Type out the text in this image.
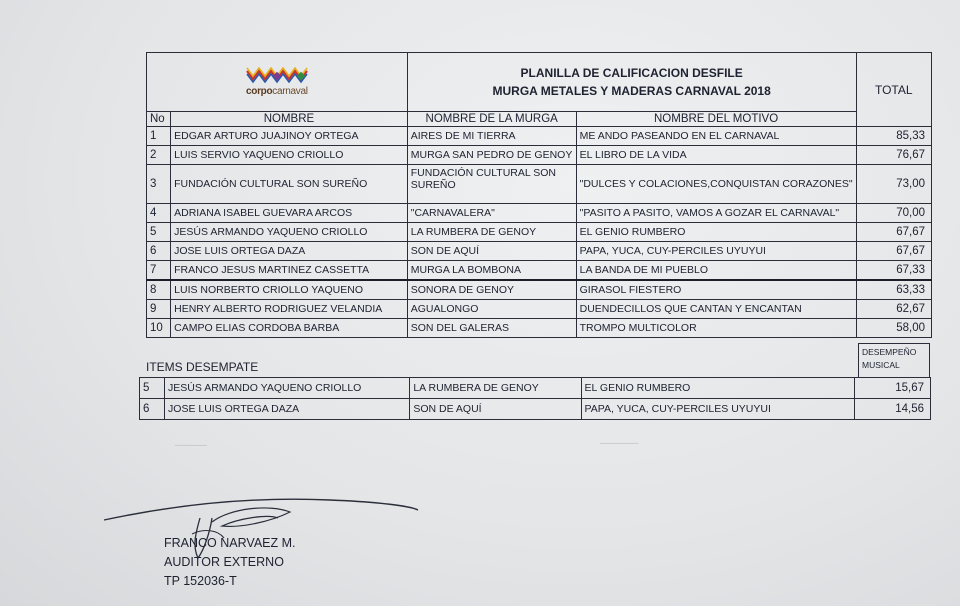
──────
─────
corpocarnaval		PLANILLA DE CALIFICACION DESFILE
MURGA METALES Y MADERAS CARNAVAL 2018		TOTAL
No	NOMBRE	NOMBRE DE LA MURGA	NOMBRE DEL MOTIVO	
1	EDGAR ARTURO JUAJINOY ORTEGA	AIRES DE MI TIERRA	ME ANDO PASEANDO EN EL CARNAVAL	85,33
2	LUIS SERVIO YAQUENO CRIOLLO	MURGA SAN PEDRO DE GENOY	EL LIBRO DE LA VIDA	76,67
3	FUNDACIÓN CULTURAL SON SUREÑO	FUNDACIÓN CULTURAL SON
SUREÑO	"DULCES Y COLACIONES,CONQUISTAN CORAZONES"	73,00
4	ADRIANA ISABEL GUEVARA ARCOS	"CARNAVALERA"	"PASITO A PASITO, VAMOS A GOZAR EL CARNAVAL"	70,00
5	JESÚS ARMANDO YAQUENO CRIOLLO	LA RUMBERA DE GENOY	EL GENIO RUMBERO	67,67
6	JOSE LUIS ORTEGA DAZA	SON DE AQUÍ	PAPA, YUCA, CUY-PERCILES UYUYUI	67,67
7	FRANCO JESUS MARTINEZ CASSETTA	MURGA LA BOMBONA	LA BANDA DE MI PUEBLO	67,33
8	LUIS NORBERTO CRIOLLO YAQUENO	SONORA DE GENOY	GIRASOL FIESTERO	63,33
9	HENRY ALBERTO RODRIGUEZ VELANDIA	AGUALONGO	DUENDECILLOS QUE CANTAN Y ENCANTAN	62,67
10	CAMPO ELIAS CORDOBA BARBA	SON DEL GALERAS	TROMPO MULTICOLOR	58,00
ITEMS DESEMPATE
DESEMPEÑO
MUSICAL
5	JESÚS ARMANDO YAQUENO CRIOLLO	LA RUMBERA DE GENOY	EL GENIO RUMBERO	15,67
6	JOSE LUIS ORTEGA DAZA	SON DE AQUÍ	PAPA, YUCA, CUY-PERCILES UYUYUI	14,56
FRANCO NARVAEZ M.
AUDITOR EXTERNO
TP 152036-T
